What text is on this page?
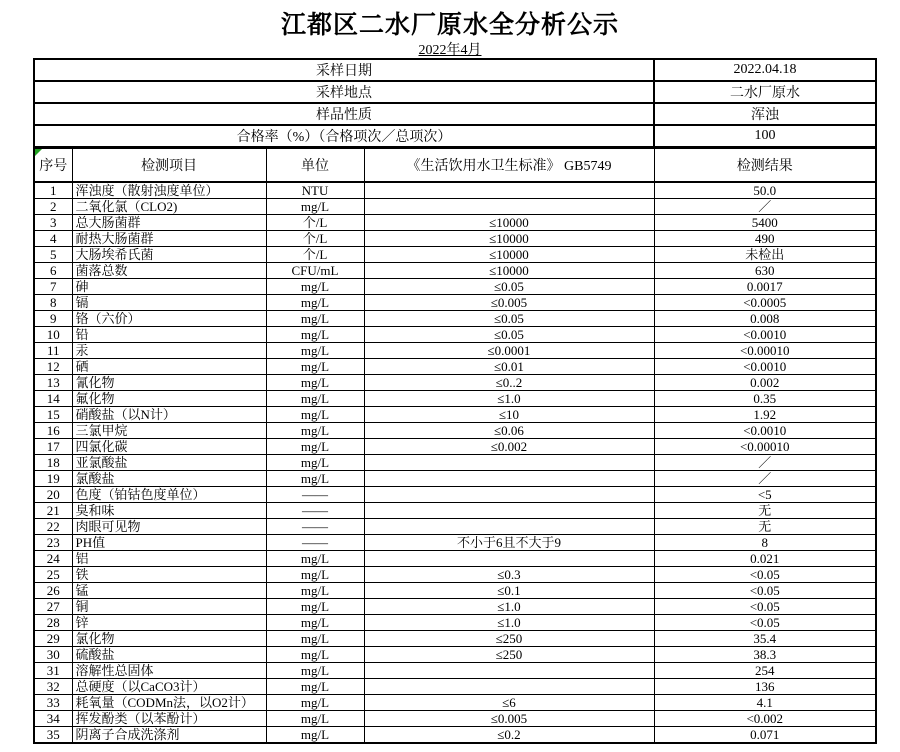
江都区二水厂原水全分析公示
2022年4月
采样日期	2022.04.18
采样地点	二水厂原水
样品性质	浑浊
合格率（%）（合格项次／总项次）	100
序号	检测项目	单位	《生活饮用水卫生标准》 GB5749	检测结果
1	浑浊度（散射浊度单位）	NTU		50.0
2	二氧化氯（CLO2)	mg/L		／
3	总大肠菌群	个/L	≤10000	5400
4	耐热大肠菌群	个/L	≤10000	490
5	大肠埃希氏菌	个/L	≤10000	未检出
6	菌落总数	CFU/mL	≤10000	630
7	砷	mg/L	≤0.05	0.0017
8	镉	mg/L	≤0.005	<0.0005
9	铬（六价）	mg/L	≤0.05	0.008
10	铅	mg/L	≤0.05	<0.0010
11	汞	mg/L	≤0.0001	<0.00010
12	硒	mg/L	≤0.01	<0.0010
13	氰化物	mg/L	≤0..2	0.002
14	氟化物	mg/L	≤1.0	0.35
15	硝酸盐（以N计）	mg/L	≤10	1.92
16	三氯甲烷	mg/L	≤0.06	<0.0010
17	四氯化碳	mg/L	≤0.002	<0.00010
18	亚氯酸盐	mg/L		／
19	氯酸盐	mg/L		／
20	色度（铂钴色度单位）	——		<5
21	臭和味	——		无
22	肉眼可见物	——		无
23	PH值	——	不小于6且不大于9	8
24	铝	mg/L		0.021
25	铁	mg/L	≤0.3	<0.05
26	锰	mg/L	≤0.1	<0.05
27	铜	mg/L	≤1.0	<0.05
28	锌	mg/L	≤1.0	<0.05
29	氯化物	mg/L	≤250	35.4
30	硫酸盐	mg/L	≤250	38.3
31	溶解性总固体	mg/L		254
32	总硬度（以CaCO3计）	mg/L		136
33	耗氧量（CODMn法，以O2计）	mg/L	≤6	4.1
34	挥发酚类（以苯酚计）	mg/L	≤0.005	<0.002
35	阴离子合成洗涤剂	mg/L	≤0.2	0.071
